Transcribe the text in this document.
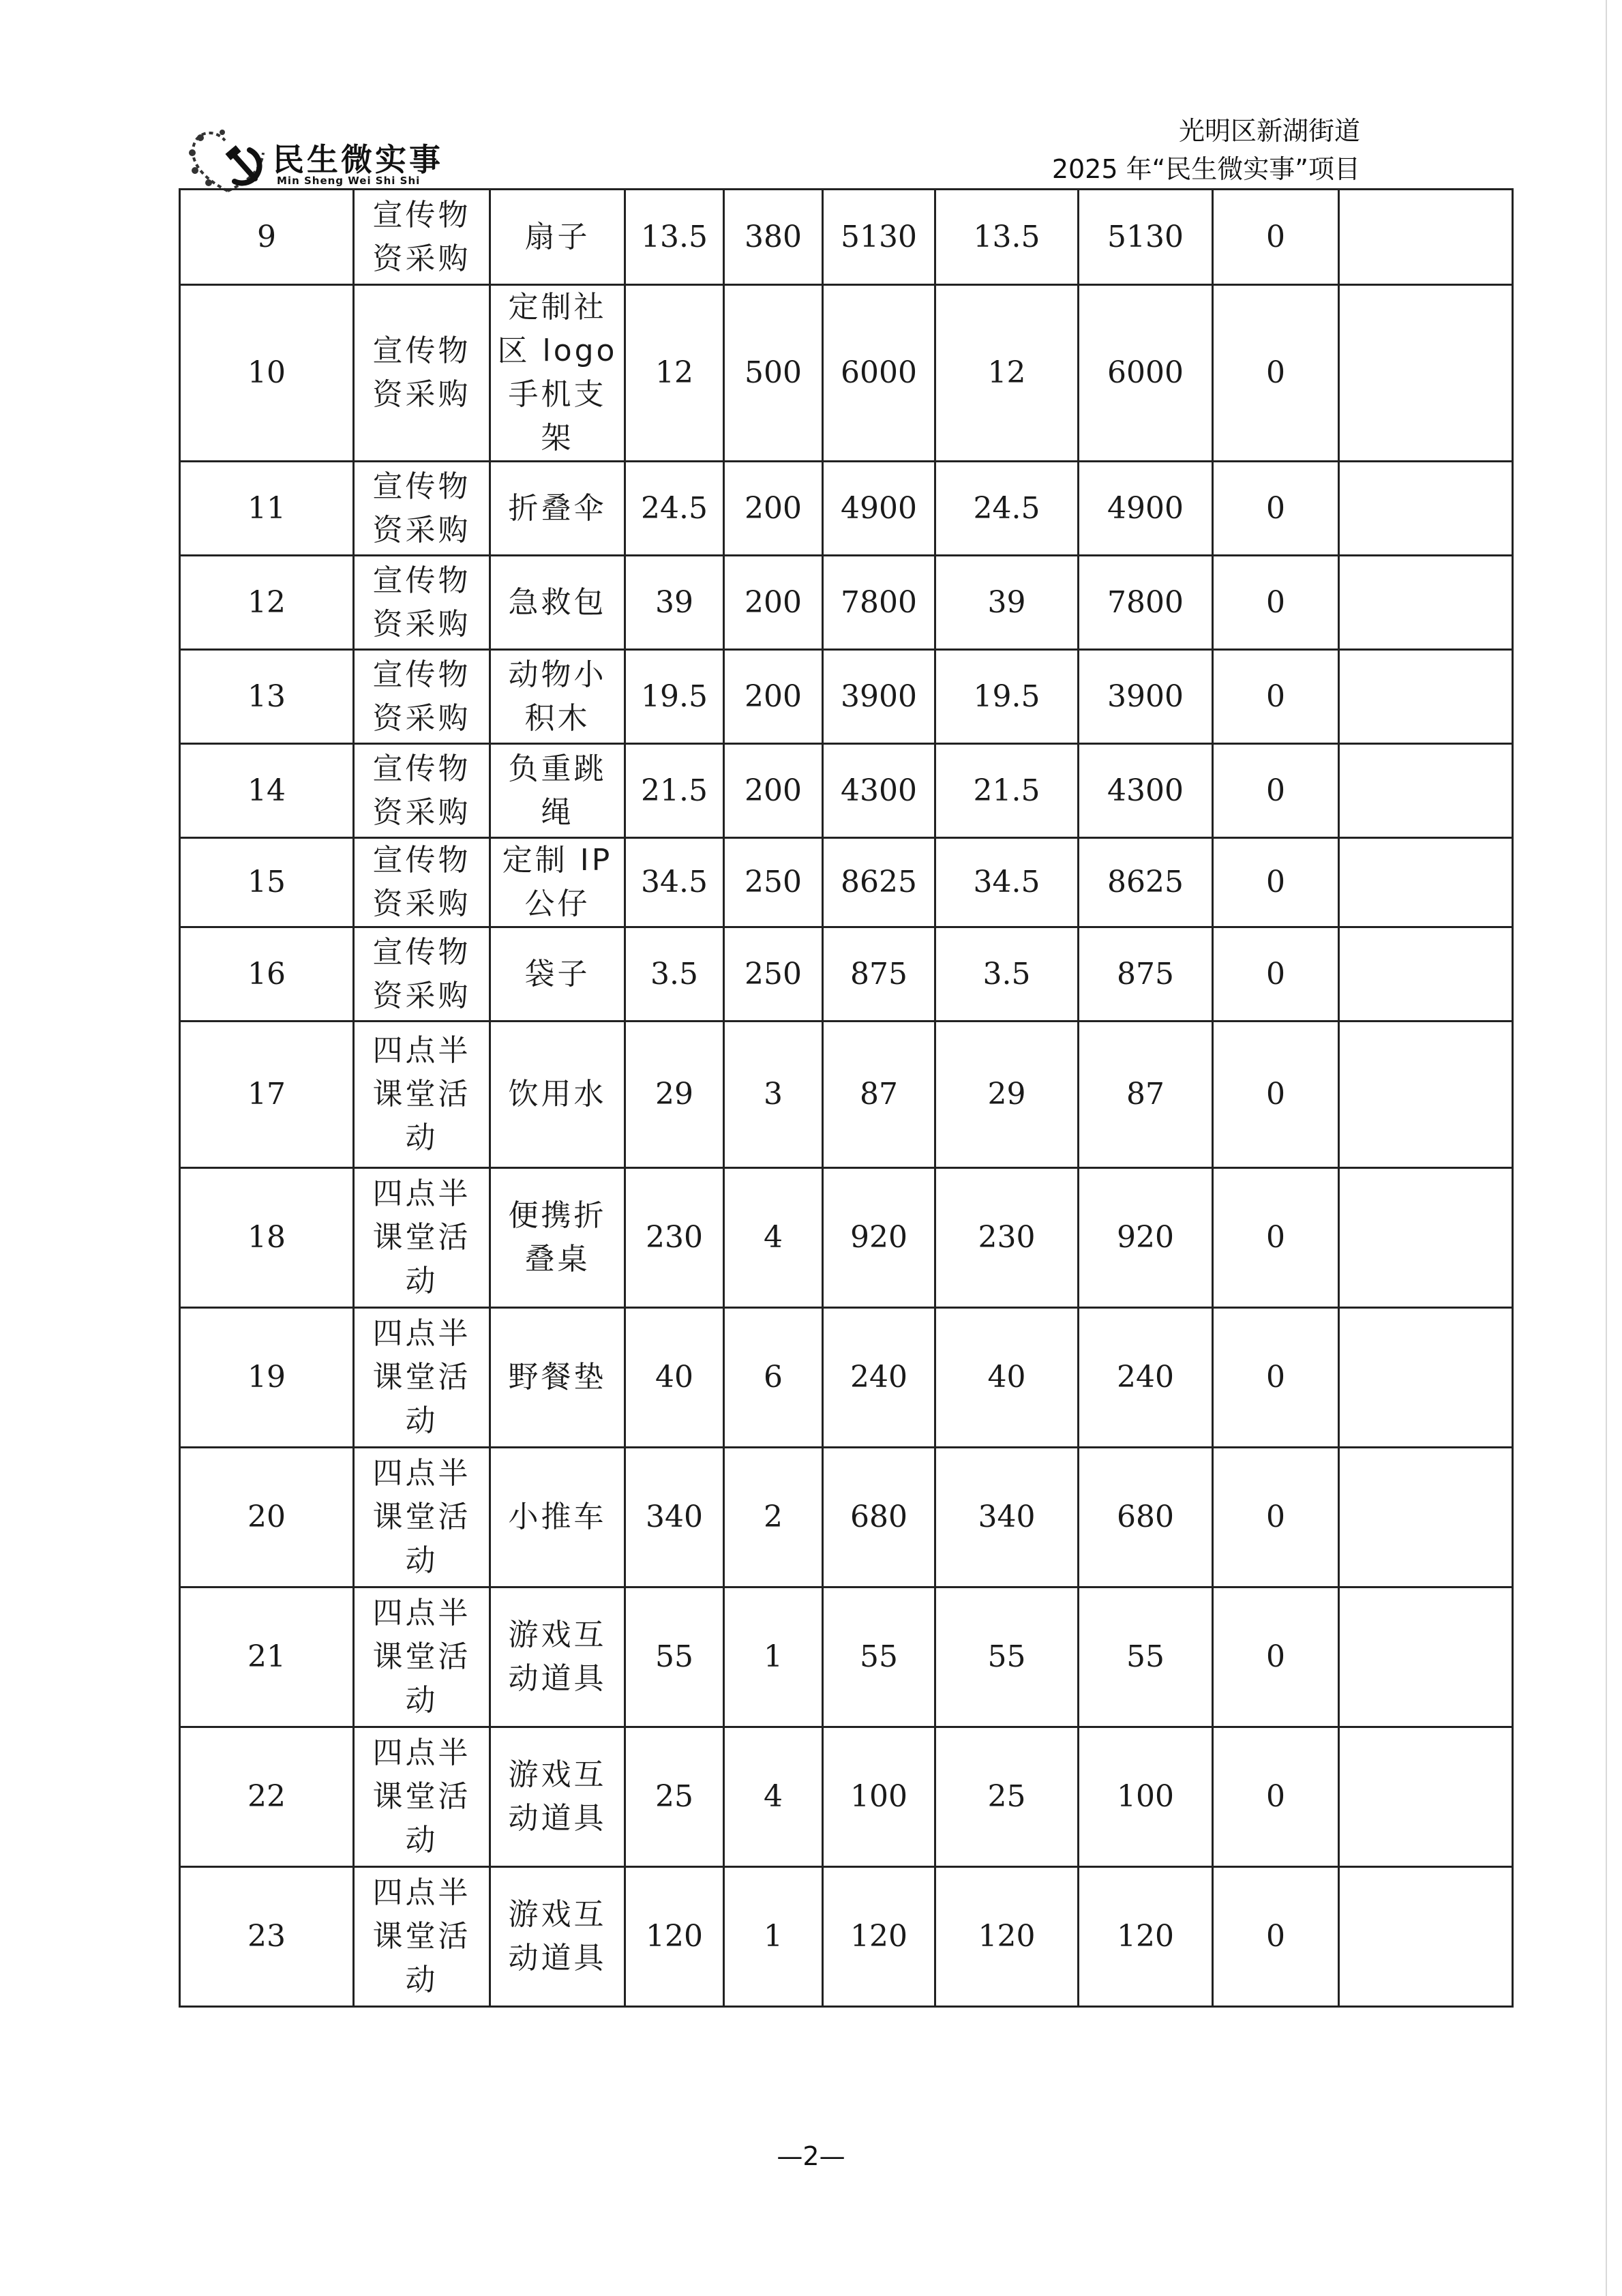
民生微实事
Min Sheng Wei Shi Shi
光明区新湖街道
2025 年“民生微实事”项目
9	宣传物资采购	扇子	13.5	380	5130	13.5	5130	0	
10	宣传物资采购	定制社区 logo 手机支架	12	500	6000	12	6000	0	
11	宣传物资采购	折叠伞	24.5	200	4900	24.5	4900	0	
12	宣传物资采购	急救包	39	200	7800	39	7800	0	
13	宣传物资采购	动物小积木	19.5	200	3900	19.5	3900	0	
14	宣传物资采购	负重跳绳	21.5	200	4300	21.5	4300	0	
15	宣传物资采购	定制 IP 公仔	34.5	250	8625	34.5	8625	0	
16	宣传物资采购	袋子	3.5	250	875	3.5	875	0	
17	四点半课堂活动	饮用水	29	3	87	29	87	0	
18	四点半课堂活动	便携折叠桌	230	4	920	230	920	0	
19	四点半课堂活动	野餐垫	40	6	240	40	240	0	
20	四点半课堂活动	小推车	340	2	680	340	680	0	
21	四点半课堂活动	游戏互动道具	55	1	55	55	55	0	
22	四点半课堂活动	游戏互动道具	25	4	100	25	100	0	
23	四点半课堂活动	游戏互动道具	120	1	120	120	120	0	
—2—
